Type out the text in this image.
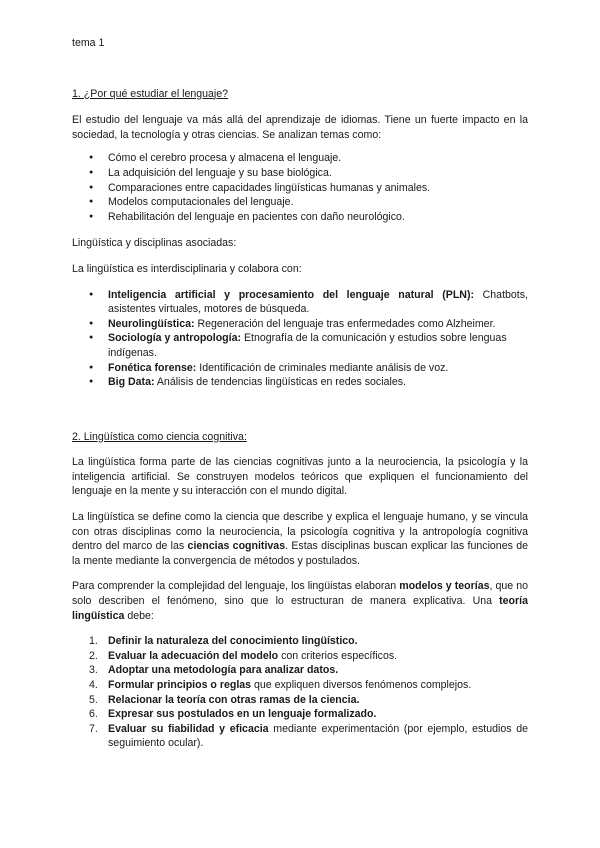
tema 1

1. ¿Por qué estudiar el lenguaje?

El estudio del lenguaje va más allá del aprendizaje de idiomas. Tiene un fuerte impacto en la sociedad, la tecnología y otras ciencias. Se analizan temas como:

● Cómo el cerebro procesa y almacena el lenguaje.
● La adquisición del lenguaje y su base biológica.
● Comparaciones entre capacidades lingüísticas humanas y animales.
● Modelos computacionales del lenguaje.
● Rehabilitación del lenguaje en pacientes con daño neurológico.

Lingüística y disciplinas asociadas:

La lingüística es interdisciplinaria y colabora con:

● Inteligencia artificial y procesamiento del lenguaje natural (PLN): Chatbots, asistentes virtuales, motores de búsqueda.
● Neurolingüística: Regeneración del lenguaje tras enfermedades como Alzheimer.
● Sociología y antropología: Etnografía de la comunicación y estudios sobre lenguas indígenas.
● Fonética forense: Identificación de criminales mediante análisis de voz.
● Big Data: Análisis de tendencias lingüísticas en redes sociales.
2. Lingüística como ciencia cognitiva:

La lingüística forma parte de las ciencias cognitivas junto a la neurociencia, la psicología y la inteligencia artificial. Se construyen modelos teóricos que expliquen el funcionamiento del lenguaje en la mente y su interacción con el mundo digital.

La lingüística se define como la ciencia que describe y explica el lenguaje humano, y se vincula con otras disciplinas como la neurociencia, la psicología cognitiva y la antropología cognitiva dentro del marco de las ciencias cognitivas. Estas disciplinas buscan explicar las funciones de la mente mediante la convergencia de métodos y postulados.

Para comprender la complejidad del lenguaje, los lingüistas elaboran modelos y teorías, que no solo describen el fenómeno, sino que lo estructuran de manera explicativa. Una teoría lingüística debe:

1. Definir la naturaleza del conocimiento lingüístico.
2. Evaluar la adecuación del modelo con criterios específicos.
3. Adoptar una metodología para analizar datos.
4. Formular principios o reglas que expliquen diversos fenómenos complejos.
5. Relacionar la teoría con otras ramas de la ciencia.
6. Expresar sus postulados en un lenguaje formalizado.
7. Evaluar su fiabilidad y eficacia mediante experimentación (por ejemplo, estudios de seguimiento ocular).
